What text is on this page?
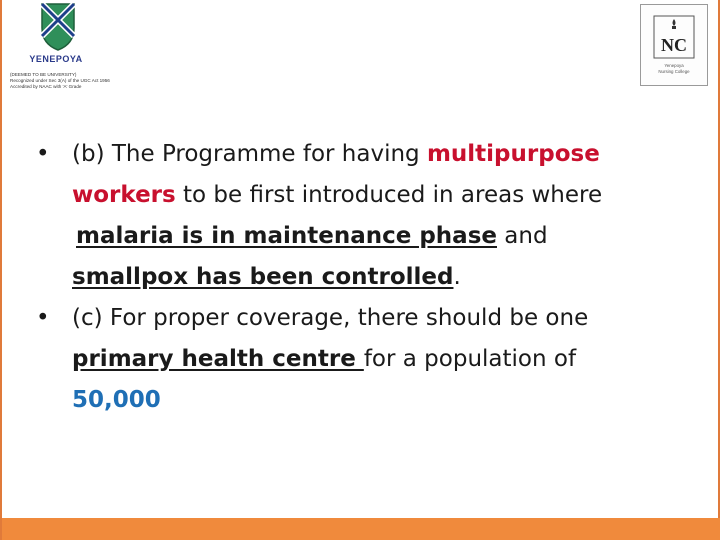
YENEPOYA
(DEEMED TO BE UNIVERSITY)
Recognized under Sec 3(A) of the UGC Act 1956
Accredited by NAAC with 'A' Grade
NC
Yenepoya
Nursing College
• (b) The Programme for having multipurpose
workers to be first introduced in areas where
malaria is in maintenance phase and
smallpox has been controlled.
• (c) For proper coverage, there should be one
primary health centre for a population of
50,000
